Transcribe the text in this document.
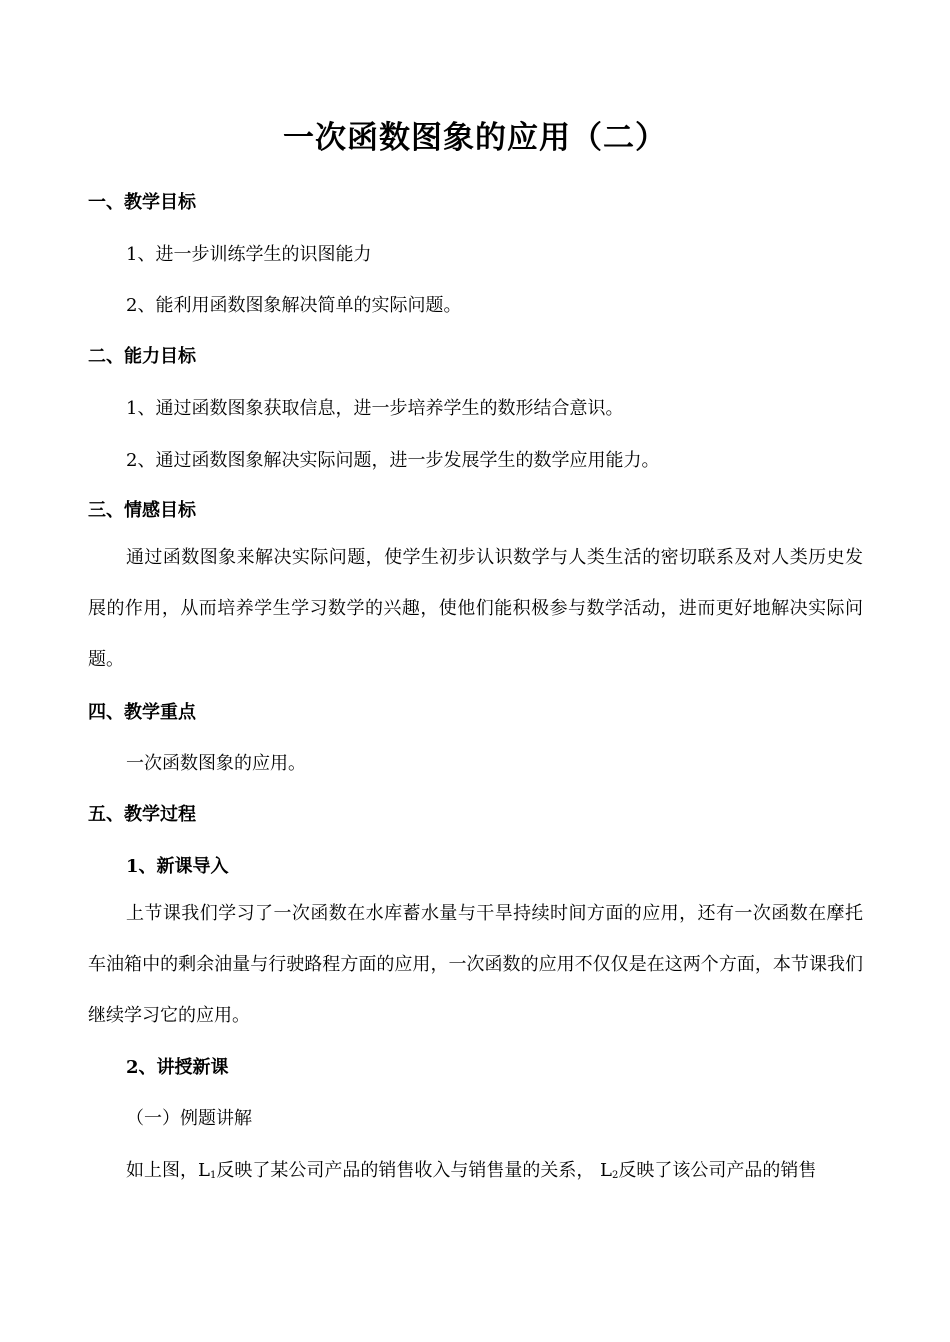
一次函数图象的应用（二）
一、教学目标
1、进一步训练学生的识图能力
2、能利用函数图象解决简单的实际问题。
二、能力目标
1、通过函数图象获取信息，进一步培养学生的数形结合意识。
2、通过函数图象解决实际问题，进一步发展学生的数学应用能力。
三、情感目标
通过函数图象来解决实际问题，使学生初步认识数学与人类生活的密切联系及对人类历史发展的作用，从而培养学生学习数学的兴趣，使他们能积极参与数学活动，进而更好地解决实际问题。
四、教学重点
一次函数图象的应用。
五、教学过程
1、新课导入
上节课我们学习了一次函数在水库蓄水量与干旱持续时间方面的应用，还有一次函数在摩托车油箱中的剩余油量与行驶路程方面的应用，一次函数的应用不仅仅是在这两个方面，本节课我们继续学习它的应用。
2、讲授新课
（一）例题讲解
如上图，$L_1$反映了某公司产品的销售收入与销售量的关系， $L_2$反映了该公司产品的销售
